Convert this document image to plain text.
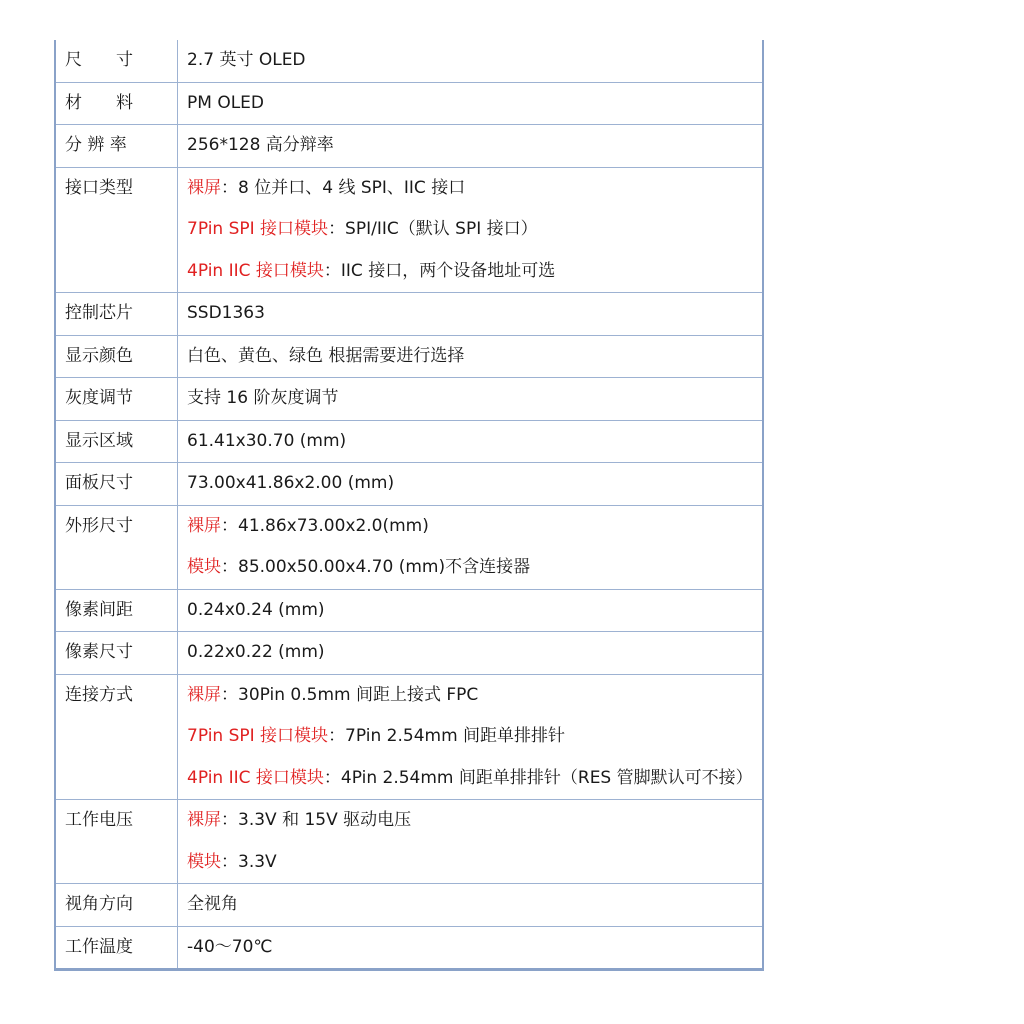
尺　　寸	2.7 英寸 OLED

材　　料	PM OLED

分 辨 率	256*128 高分辩率

接口类型	裸屏：8 位并口、4 线 SPI、IIC 接口
7Pin SPI 接口模块：SPI/IIC（默认 SPI 接口）
4Pin IIC 接口模块：IIC 接口，两个设备地址可选

控制芯片	SSD1363

显示颜色	白色、黄色、绿色 根据需要进行选择

灰度调节	支持 16 阶灰度调节

显示区域	61.41x30.70 (mm)

面板尺寸	73.00x41.86x2.00 (mm)

外形尺寸	裸屏：41.86x73.00x2.0(mm)
模块：85.00x50.00x4.70 (mm)不含连接器

像素间距	0.24x0.24 (mm)

像素尺寸	0.22x0.22 (mm)

连接方式	裸屏：30Pin 0.5mm 间距上接式 FPC
7Pin SPI 接口模块：7Pin 2.54mm 间距单排排针
4Pin IIC 接口模块：4Pin 2.54mm 间距单排排针（RES 管脚默认可不接）

工作电压	裸屏：3.3V 和 15V 驱动电压
模块：3.3V

视角方向	全视角

工作温度	-40～70℃
